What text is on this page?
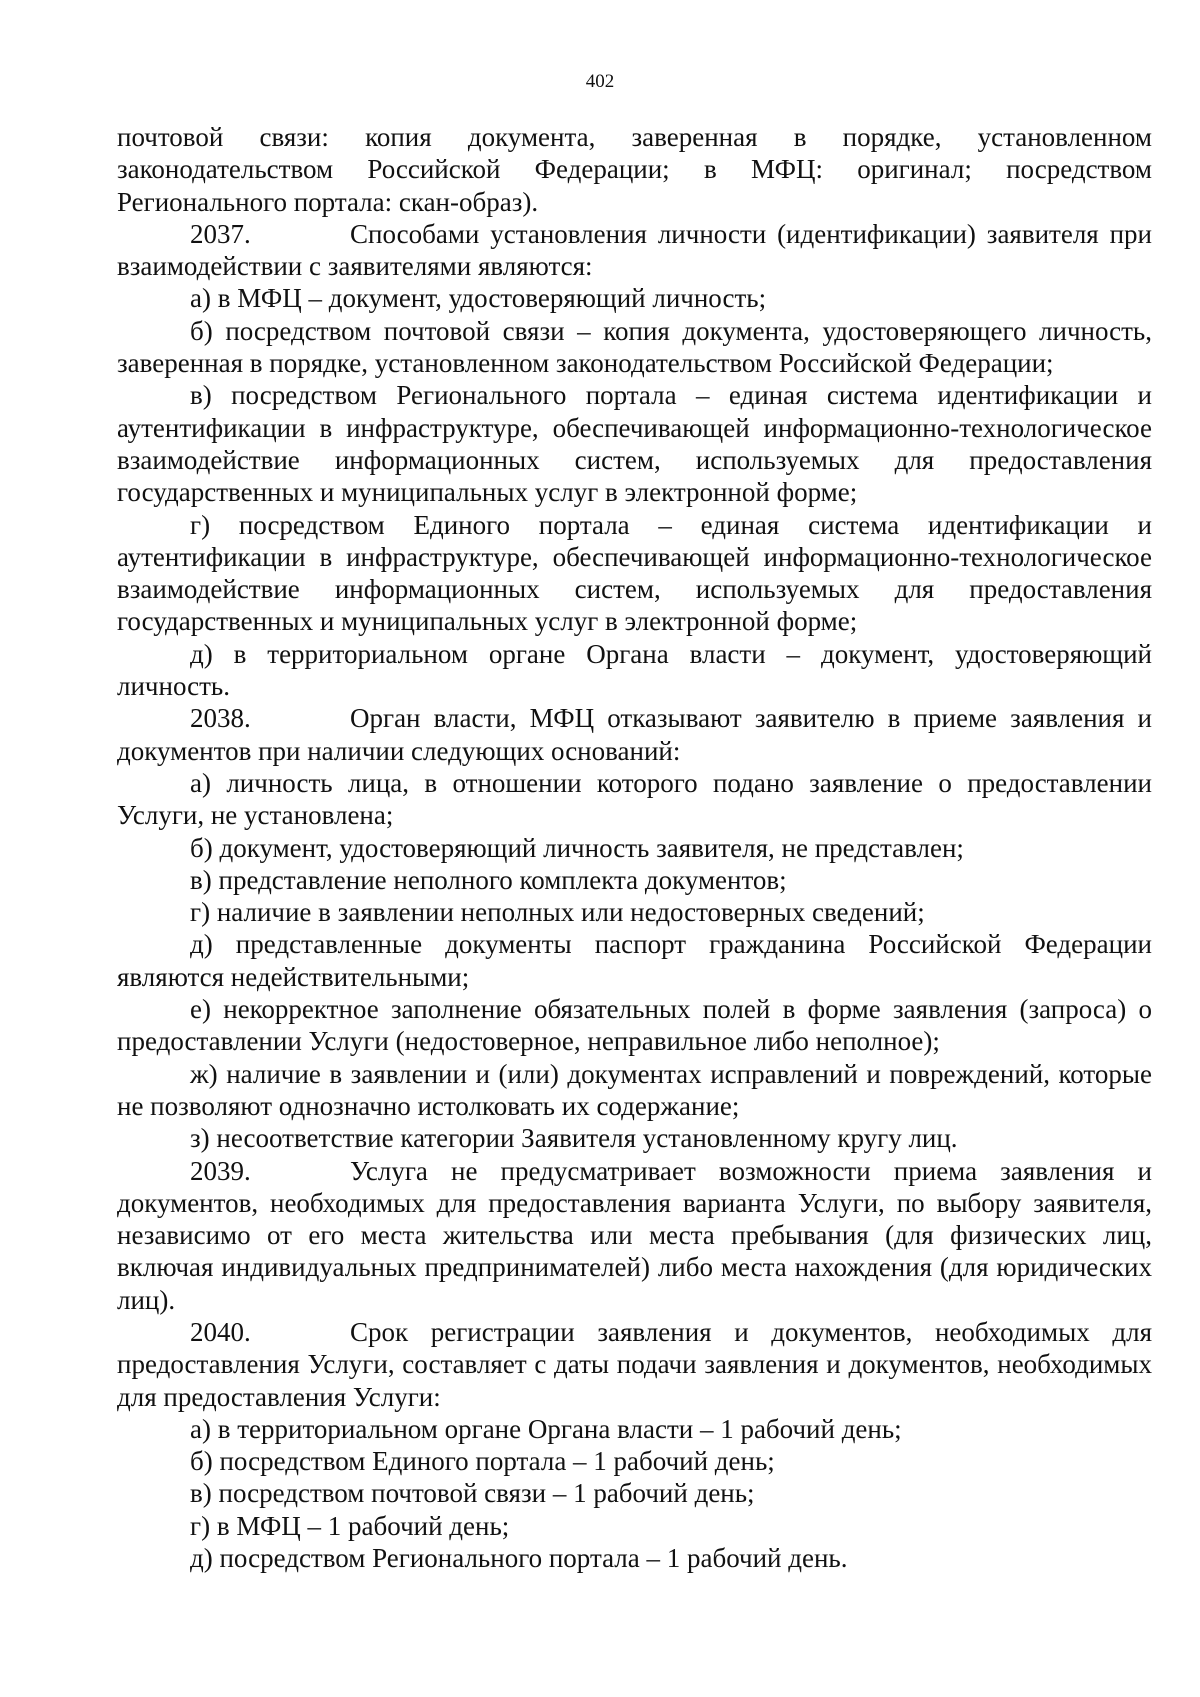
402

почтовой связи: копия документа, заверенная в порядке, установленном законодательством Российской Федерации; в МФЦ: оригинал; посредством Регионального портала: скан-образ).

2037.	Способами установления личности (идентификации) заявителя при взаимодействии с заявителями являются:

а) в МФЦ – документ, удостоверяющий личность;

б) посредством почтовой связи – копия документа, удостоверяющего личность, заверенная в порядке, установленном законодательством Российской Федерации;

в) посредством Регионального портала – единая система идентификации и аутентификации в инфраструктуре, обеспечивающей информационно-технологическое взаимодействие информационных систем, используемых для предоставления государственных и муниципальных услуг в электронной форме;

г) посредством Единого портала – единая система идентификации и аутентификации в инфраструктуре, обеспечивающей информационно-технологическое взаимодействие информационных систем, используемых для предоставления государственных и муниципальных услуг в электронной форме;

д) в территориальном органе Органа власти – документ, удостоверяющий личность.

2038.	Орган власти, МФЦ отказывают заявителю в приеме заявления и документов при наличии следующих оснований:

а) личность лица, в отношении которого подано заявление о предоставлении Услуги, не установлена;

б) документ, удостоверяющий личность заявителя, не представлен;

в) представление неполного комплекта документов;

г) наличие в заявлении неполных или недостоверных сведений;

д) представленные документы паспорт гражданина Российской Федерации являются недействительными;

е) некорректное заполнение обязательных полей в форме заявления (запроса) о предоставлении Услуги (недостоверное, неправильное либо неполное);

ж) наличие в заявлении и (или) документах исправлений и повреждений, которые не позволяют однозначно истолковать их содержание;

з) несоответствие категории Заявителя установленному кругу лиц.

2039.	Услуга не предусматривает возможности приема заявления и документов, необходимых для предоставления варианта Услуги, по выбору заявителя, независимо от его места жительства или места пребывания (для физических лиц, включая индивидуальных предпринимателей) либо места нахождения (для юридических лиц).

2040.	Срок регистрации заявления и документов, необходимых для предоставления Услуги, составляет с даты подачи заявления и документов, необходимых для предоставления Услуги:

а) в территориальном органе Органа власти – 1 рабочий день;

б) посредством Единого портала – 1 рабочий день;

в) посредством почтовой связи – 1 рабочий день;

г) в МФЦ – 1 рабочий день;

д) посредством Регионального портала – 1 рабочий день.
